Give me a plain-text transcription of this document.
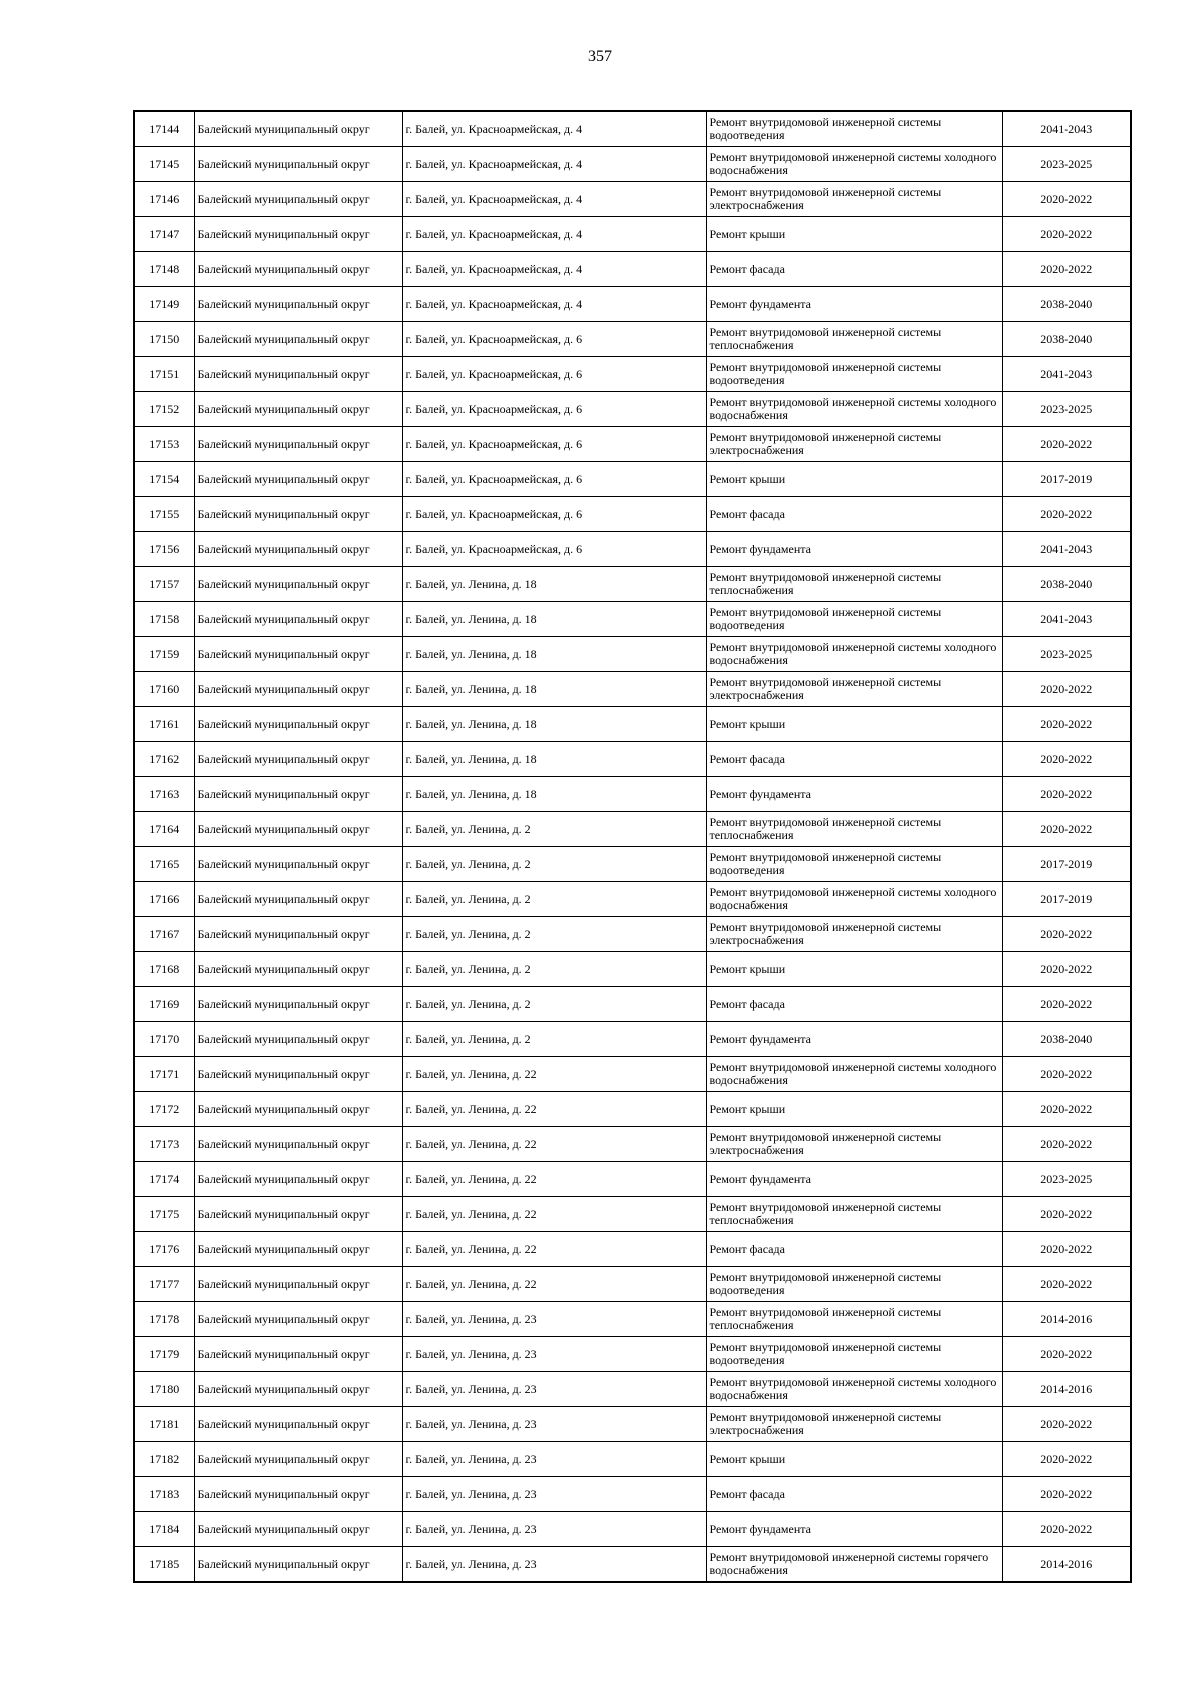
357
17144	Балейский муниципальный округ	г. Балей, ул. Красноармейская, д. 4	Ремонт внутридомовой инженерной системы водоотведения	2041-2043
17145	Балейский муниципальный округ	г. Балей, ул. Красноармейская, д. 4	Ремонт внутридомовой инженерной системы холодного водоснабжения	2023-2025
17146	Балейский муниципальный округ	г. Балей, ул. Красноармейская, д. 4	Ремонт внутридомовой инженерной системы электроснабжения	2020-2022
17147	Балейский муниципальный округ	г. Балей, ул. Красноармейская, д. 4	Ремонт крыши	2020-2022
17148	Балейский муниципальный округ	г. Балей, ул. Красноармейская, д. 4	Ремонт фасада	2020-2022
17149	Балейский муниципальный округ	г. Балей, ул. Красноармейская, д. 4	Ремонт фундамента	2038-2040
17150	Балейский муниципальный округ	г. Балей, ул. Красноармейская, д. 6	Ремонт внутридомовой инженерной системы теплоснабжения	2038-2040
17151	Балейский муниципальный округ	г. Балей, ул. Красноармейская, д. 6	Ремонт внутридомовой инженерной системы водоотведения	2041-2043
17152	Балейский муниципальный округ	г. Балей, ул. Красноармейская, д. 6	Ремонт внутридомовой инженерной системы холодного водоснабжения	2023-2025
17153	Балейский муниципальный округ	г. Балей, ул. Красноармейская, д. 6	Ремонт внутридомовой инженерной системы электроснабжения	2020-2022
17154	Балейский муниципальный округ	г. Балей, ул. Красноармейская, д. 6	Ремонт крыши	2017-2019
17155	Балейский муниципальный округ	г. Балей, ул. Красноармейская, д. 6	Ремонт фасада	2020-2022
17156	Балейский муниципальный округ	г. Балей, ул. Красноармейская, д. 6	Ремонт фундамента	2041-2043
17157	Балейский муниципальный округ	г. Балей, ул. Ленина, д. 18	Ремонт внутридомовой инженерной системы теплоснабжения	2038-2040
17158	Балейский муниципальный округ	г. Балей, ул. Ленина, д. 18	Ремонт внутридомовой инженерной системы водоотведения	2041-2043
17159	Балейский муниципальный округ	г. Балей, ул. Ленина, д. 18	Ремонт внутридомовой инженерной системы холодного водоснабжения	2023-2025
17160	Балейский муниципальный округ	г. Балей, ул. Ленина, д. 18	Ремонт внутридомовой инженерной системы электроснабжения	2020-2022
17161	Балейский муниципальный округ	г. Балей, ул. Ленина, д. 18	Ремонт крыши	2020-2022
17162	Балейский муниципальный округ	г. Балей, ул. Ленина, д. 18	Ремонт фасада	2020-2022
17163	Балейский муниципальный округ	г. Балей, ул. Ленина, д. 18	Ремонт фундамента	2020-2022
17164	Балейский муниципальный округ	г. Балей, ул. Ленина, д. 2	Ремонт внутридомовой инженерной системы теплоснабжения	2020-2022
17165	Балейский муниципальный округ	г. Балей, ул. Ленина, д. 2	Ремонт внутридомовой инженерной системы водоотведения	2017-2019
17166	Балейский муниципальный округ	г. Балей, ул. Ленина, д. 2	Ремонт внутридомовой инженерной системы холодного водоснабжения	2017-2019
17167	Балейский муниципальный округ	г. Балей, ул. Ленина, д. 2	Ремонт внутридомовой инженерной системы электроснабжения	2020-2022
17168	Балейский муниципальный округ	г. Балей, ул. Ленина, д. 2	Ремонт крыши	2020-2022
17169	Балейский муниципальный округ	г. Балей, ул. Ленина, д. 2	Ремонт фасада	2020-2022
17170	Балейский муниципальный округ	г. Балей, ул. Ленина, д. 2	Ремонт фундамента	2038-2040
17171	Балейский муниципальный округ	г. Балей, ул. Ленина, д. 22	Ремонт внутридомовой инженерной системы холодного водоснабжения	2020-2022
17172	Балейский муниципальный округ	г. Балей, ул. Ленина, д. 22	Ремонт крыши	2020-2022
17173	Балейский муниципальный округ	г. Балей, ул. Ленина, д. 22	Ремонт внутридомовой инженерной системы электроснабжения	2020-2022
17174	Балейский муниципальный округ	г. Балей, ул. Ленина, д. 22	Ремонт фундамента	2023-2025
17175	Балейский муниципальный округ	г. Балей, ул. Ленина, д. 22	Ремонт внутридомовой инженерной системы теплоснабжения	2020-2022
17176	Балейский муниципальный округ	г. Балей, ул. Ленина, д. 22	Ремонт фасада	2020-2022
17177	Балейский муниципальный округ	г. Балей, ул. Ленина, д. 22	Ремонт внутридомовой инженерной системы водоотведения	2020-2022
17178	Балейский муниципальный округ	г. Балей, ул. Ленина, д. 23	Ремонт внутридомовой инженерной системы теплоснабжения	2014-2016
17179	Балейский муниципальный округ	г. Балей, ул. Ленина, д. 23	Ремонт внутридомовой инженерной системы водоотведения	2020-2022
17180	Балейский муниципальный округ	г. Балей, ул. Ленина, д. 23	Ремонт внутридомовой инженерной системы холодного водоснабжения	2014-2016
17181	Балейский муниципальный округ	г. Балей, ул. Ленина, д. 23	Ремонт внутридомовой инженерной системы электроснабжения	2020-2022
17182	Балейский муниципальный округ	г. Балей, ул. Ленина, д. 23	Ремонт крыши	2020-2022
17183	Балейский муниципальный округ	г. Балей, ул. Ленина, д. 23	Ремонт фасада	2020-2022
17184	Балейский муниципальный округ	г. Балей, ул. Ленина, д. 23	Ремонт фундамента	2020-2022
17185	Балейский муниципальный округ	г. Балей, ул. Ленина, д. 23	Ремонт внутридомовой инженерной системы горячего водоснабжения	2014-2016
